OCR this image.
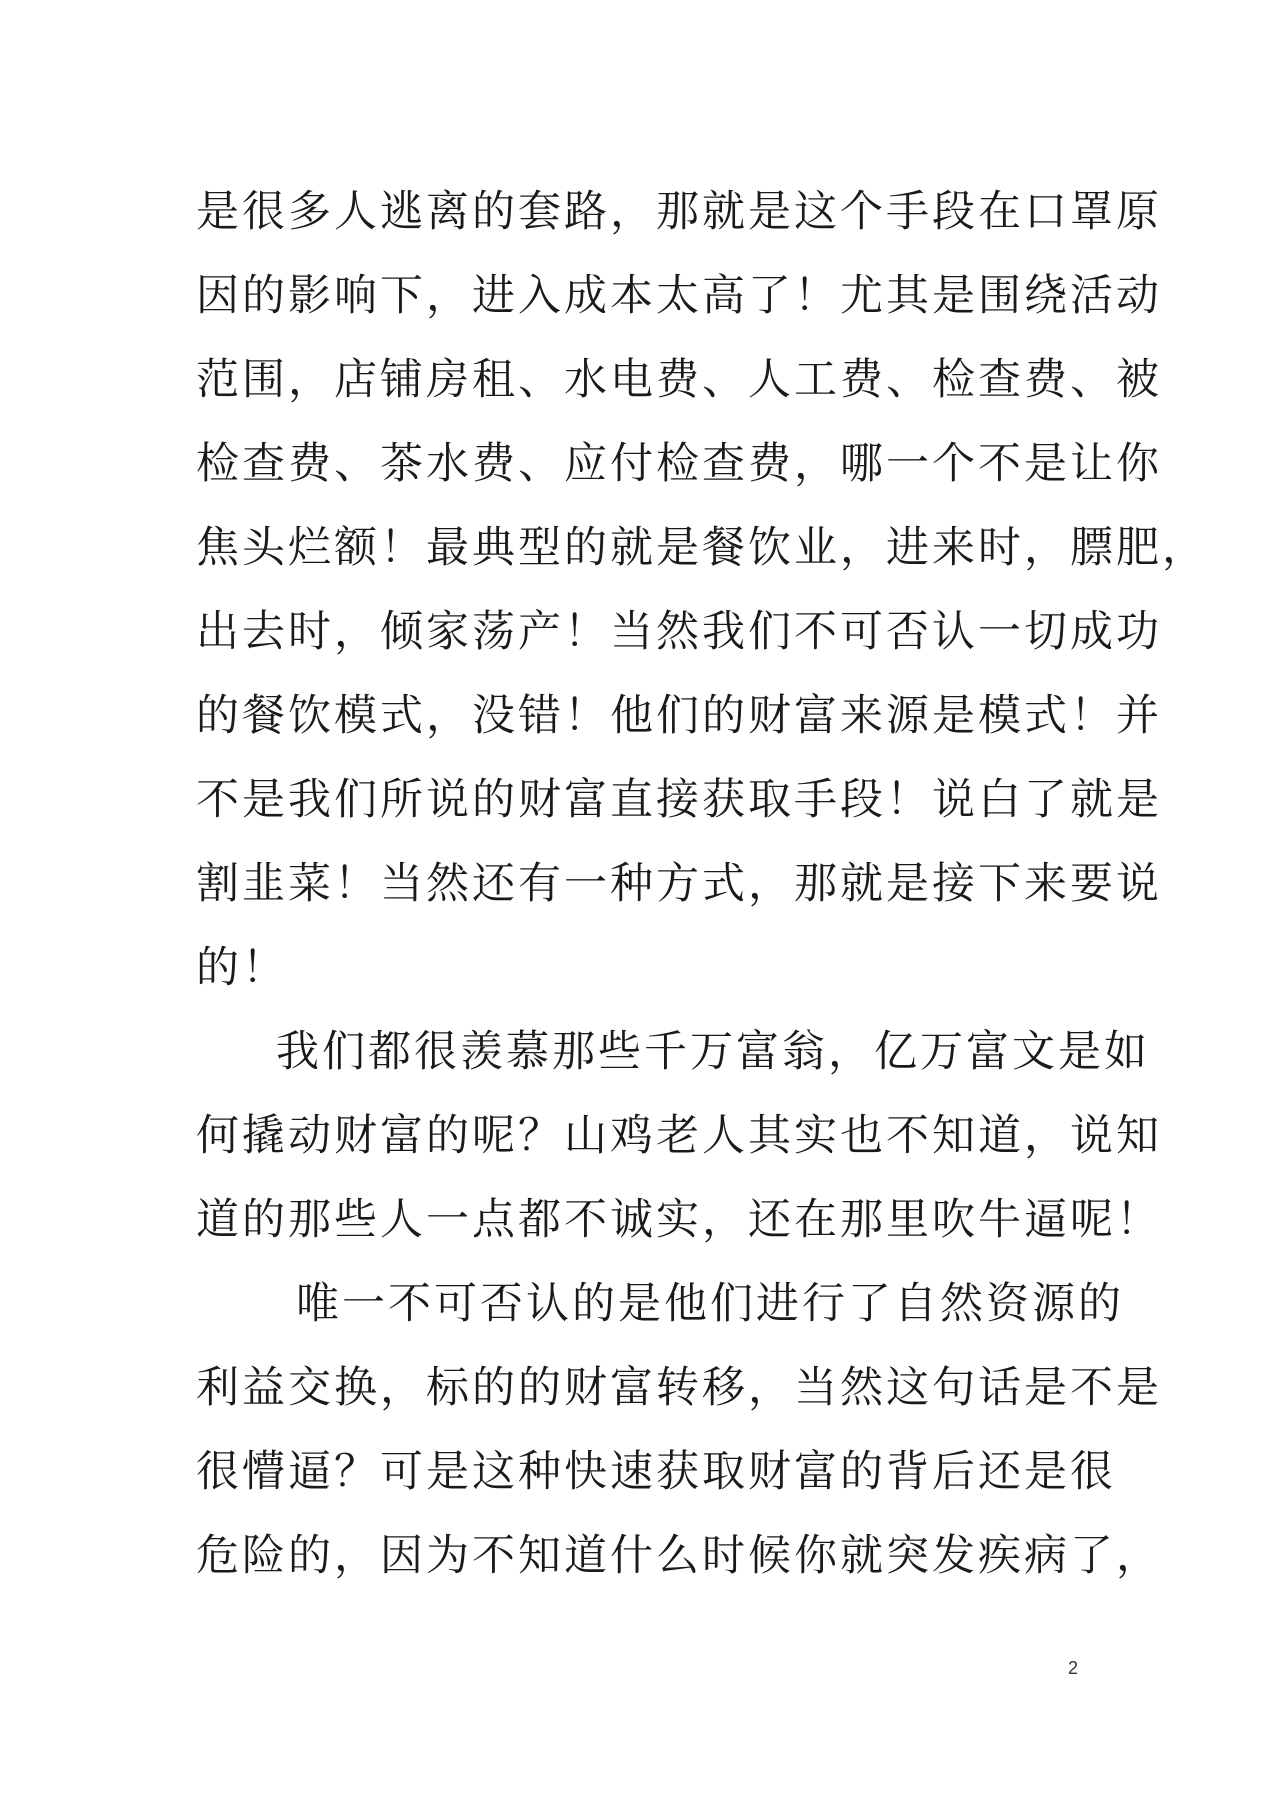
是很多人逃离的套路，那就是这个手段在口罩原
因的影响下，进入成本太高了！尤其是围绕活动
范围，店铺房租、水电费、人工费、检查费、被
检查费、茶水费、应付检查费，哪一个不是让你
焦头烂额！最典型的就是餐饮业，进来时，膘肥，
出去时，倾家荡产！当然我们不可否认一切成功
的餐饮模式，没错！他们的财富来源是模式！并
不是我们所说的财富直接获取手段！说白了就是
割韭菜！当然还有一种方式，那就是接下来要说
的！
我们都很羡慕那些千万富翁，亿万富文是如
何撬动财富的呢？山鸡老人其实也不知道，说知
道的那些人一点都不诚实，还在那里吹牛逼呢！
唯一不可否认的是他们进行了自然资源的
利益交换，标的的财富转移，当然这句话是不是
很懵逼？可是这种快速获取财富的背后还是很
危险的，因为不知道什么时候你就突发疾病了，
2
